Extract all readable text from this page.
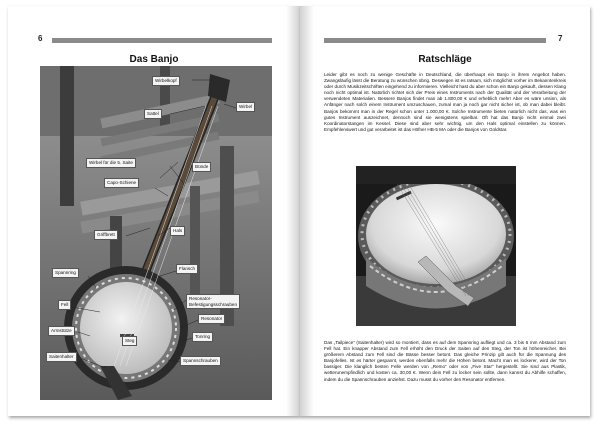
6
Das Banjo
Wirbelkopf
Sattel
Wirbel
Wirbel für die 5. Saite
Bünde
Capo-Schiene
Griffbrett
Hals
Spannring
Flansch
Resonator-
Befestigungsschrauben
Fell
Resonator
Armstütze
Steg
Tonring
Saitenhalter
Spannschrauben
7
Ratschläge
Leider gibt es noch zu wenige Geschäfte in Deutschland, die überhaupt ein Banjo in ihrem Angebot haben. Zwangsläufig lässt die Beratung zu wünschen übrig. Deswegen ist es ratsam, sich möglichst vorher im Bekanntenkreis oder durch Musikzeitschriften eingehend zu informieren. Vielleicht hast du aber schon ein Banjo gekauft, dessen Klang noch nicht optimal ist. Natürlich richtet sich der Preis eines Instruments nach der Qualität und der Verarbeitung der verwendeten Materialien. Bessere Banjos findet man ab 1.800,00 € und erheblich mehr! Aber es wäre unsinn, als Anfänger nach solch einem Instrument umzuschauen, zumal man ja noch gar nicht sicher ist, ob man dabei bleibt. Banjos bekommt man in der Regel schon unter 1.000,00 €. Solche Instrumente bieten natürlich nicht das, was ein gutes Instrument auszeichnet, dennoch sind sie wenigstens spielbar. Oft hat das Banjo nicht einmal zwei Koordinatorstangen im Kessel. Diese sind aber sehr wichtig, um den Hals optimal einstellen zu können. Empfehlenswert und gut verarbeitet ist das Höfner HB-5 MA oder die Banjos von Goldstar.
Das „Tailpiece“ (Saitenhalter) wird so montiert, dass es auf dem Spannring aufliegt und ca. 3 bis 6 mm Abstand zum Fell hat. Ein knapper Abstand zum Fell erhöht den Druck der Saiten auf den Steg, der Ton ist höhenreicher. Bei größerem Abstand zum Fell sind die Bässe besser betont. Das gleiche Prinzip gilt auch für die Spannung des Banjofelles. Ist es härter gespannt, werden ebenfalls mehr die Höhen betont. Macht man es lockerer, wird der Ton bassiger. Die klanglich besten Felle werden von „Remo“ oder von „Five Star“ hergestellt. Sie sind aus Plastik, wetterunempfindlich und kosten ca. 30,00 €. Wenn dein Fell zu locker sein sollte, dann kannst du Abhilfe schaffen, indem du die Spannschrauben anziehst. Dazu musst du vorher den Resonator entfernen.
